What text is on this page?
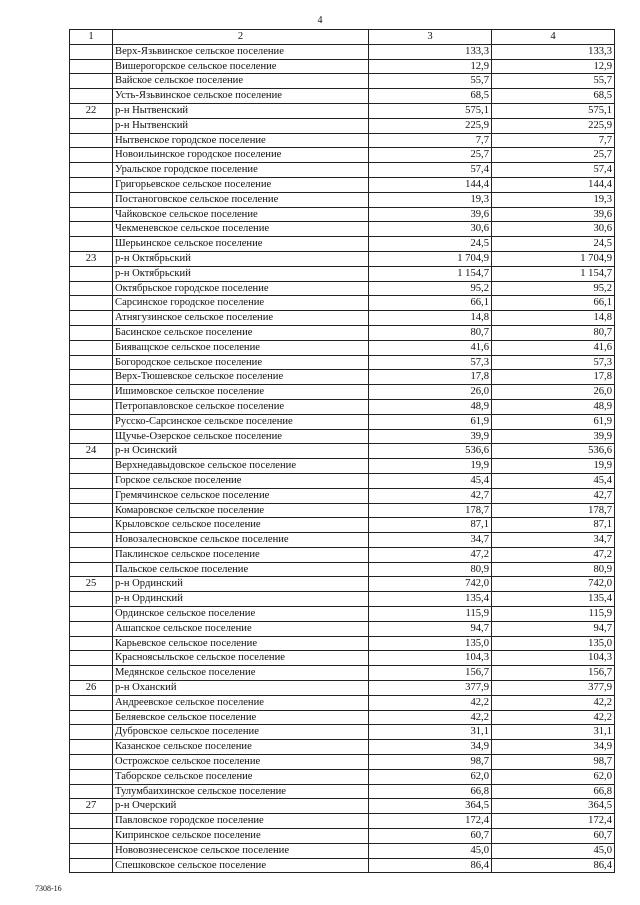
4
1	2	3	4
	Верх-Язьвинское сельское поселение	133,3	133,3
	Вишерогорское сельское поселение	12,9	12,9
	Вайское сельское поселение	55,7	55,7
	Усть-Язьвинское сельское поселение	68,5	68,5
22	р-н Нытвенский	575,1	575,1
	р-н Нытвенский	225,9	225,9
	Нытвенское городское поселение	7,7	7,7
	Новоильинское городское поселение	25,7	25,7
	Уральское городское поселение	57,4	57,4
	Григорьевское сельское поселение	144,4	144,4
	Постаноговское сельское поселение	19,3	19,3
	Чайковское сельское поселение	39,6	39,6
	Чекменевское сельское поселение	30,6	30,6
	Шерьинское сельское поселение	24,5	24,5
23	р-н Октябрьский	1 704,9	1 704,9
	р-н Октябрьский	1 154,7	1 154,7
	Октябрьское городское поселение	95,2	95,2
	Сарсинское городское поселение	66,1	66,1
	Атнягузинское сельское поселение	14,8	14,8
	Басинское сельское поселение	80,7	80,7
	Бияващское сельское поселение	41,6	41,6
	Богородское сельское поселение	57,3	57,3
	Верх-Тюшевское сельское поселение	17,8	17,8
	Ишимовское сельское поселение	26,0	26,0
	Петропавловское сельское поселение	48,9	48,9
	Русско-Сарсинское сельское поселение	61,9	61,9
	Щучье-Озерское сельское поселение	39,9	39,9
24	р-н Осинский	536,6	536,6
	Верхнедавыдовское сельское поселение	19,9	19,9
	Горское сельское поселение	45,4	45,4
	Гремячинское сельское поселение	42,7	42,7
	Комаровское сельское поселение	178,7	178,7
	Крыловское сельское поселение	87,1	87,1
	Новозалесновское сельское поселение	34,7	34,7
	Паклинское сельское поселение	47,2	47,2
	Пальское сельское поселение	80,9	80,9
25	р-н Ординский	742,0	742,0
	р-н Ординский	135,4	135,4
	Ординское сельское поселение	115,9	115,9
	Ашапское сельское поселение	94,7	94,7
	Карьевское сельское поселение	135,0	135,0
	Красноясыльское сельское поселение	104,3	104,3
	Медянское сельское поселение	156,7	156,7
26	р-н Оханский	377,9	377,9
	Андреевское сельское поселение	42,2	42,2
	Беляевское сельское поселение	42,2	42,2
	Дубровское сельское поселение	31,1	31,1
	Казанское сельское поселение	34,9	34,9
	Острожское сельское поселение	98,7	98,7
	Таборское сельское поселение	62,0	62,0
	Тулумбаихинское сельское поселение	66,8	66,8
27	р-н Очерский	364,5	364,5
	Павловское городское поселение	172,4	172,4
	Кипринское сельское поселение	60,7	60,7
	Нововознесенское сельское поселение	45,0	45,0
	Спешковское сельское поселение	86,4	86,4
7308-16
